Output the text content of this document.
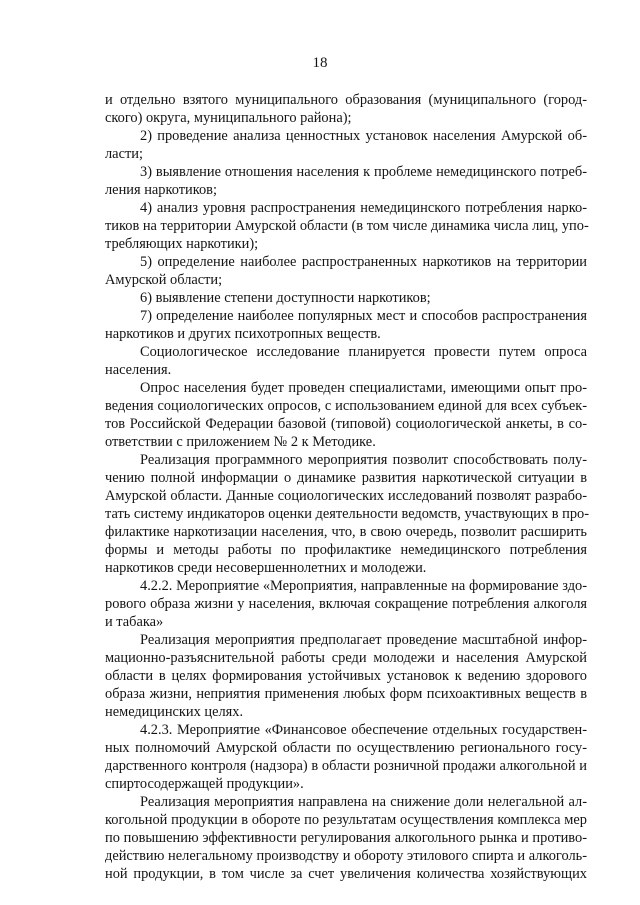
18
и отдельно взятого муниципального образования (муниципального (город-
ского) округа, муниципального района);
2) проведение анализа ценностных установок населения Амурской об-
ласти;
3) выявление отношения населения к проблеме немедицинского потреб-
ления наркотиков;
4) анализ уровня распространения немедицинского потребления нарко-
тиков на территории Амурской области (в том числе динамика числа лиц, упо-
требляющих наркотики);
5) определение наиболее распространенных наркотиков на территории
Амурской области;
6) выявление степени доступности наркотиков;
7) определение наиболее популярных мест и способов распространения
наркотиков и других психотропных веществ.
Социологическое исследование планируется провести путем опроса
населения.
Опрос населения будет проведен специалистами, имеющими опыт про-
ведения социологических опросов, с использованием единой для всех субъек-
тов Российской Федерации базовой (типовой) социологической анкеты, в со-
ответствии с приложением № 2 к Методике.
Реализация программного мероприятия позволит способствовать полу-
чению полной информации о динамике развития наркотической ситуации в
Амурской области. Данные социологических исследований позволят разрабо-
тать систему индикаторов оценки деятельности ведомств, участвующих в про-
филактике наркотизации населения, что, в свою очередь, позволит расширить
формы и методы работы по профилактике немедицинского потребления
наркотиков среди несовершеннолетних и молодежи.
4.2.2. Мероприятие «Мероприятия, направленные на формирование здо-
рового образа жизни у населения, включая сокращение потребления алкоголя
и табака»
Реализация мероприятия предполагает проведение масштабной инфор-
мационно-разъяснительной работы среди молодежи и населения Амурской
области в целях формирования устойчивых установок к ведению здорового
образа жизни, неприятия применения любых форм психоактивных веществ в
немедицинских целях.
4.2.3. Мероприятие «Финансовое обеспечение отдельных государствен-
ных полномочий Амурской области по осуществлению регионального госу-
дарственного контроля (надзора) в области розничной продажи алкогольной и
спиртосодержащей продукции».
Реализация мероприятия направлена на снижение доли нелегальной ал-
когольной продукции в обороте по результатам осуществления комплекса мер
по повышению эффективности регулирования алкогольного рынка и противо-
действию нелегальному производству и обороту этилового спирта и алкоголь-
ной продукции, в том числе за счет увеличения количества хозяйствующих
